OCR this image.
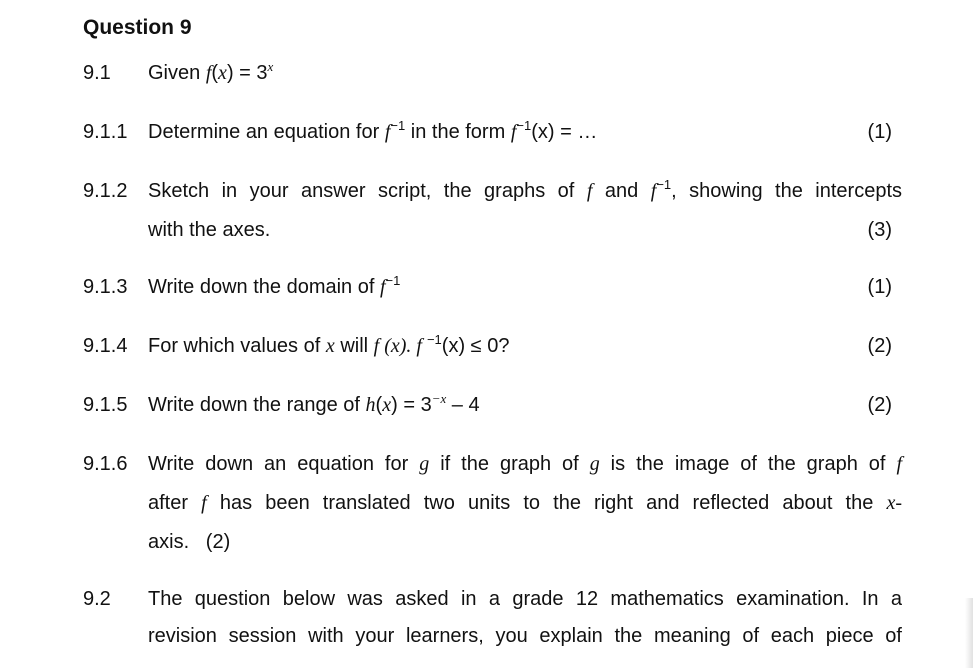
Question 9
9.1 Given $f(x) = 3^x$
9.1.1 Determine an equation for $f^{-1}$ in the form $f^{-1}(x)$ = …	(1)
9.1.2 Sketch in your answer script, the graphs of f and $f^{-1}$, showing the intercepts
with the axes.	(3)
9.1.3 Write down the domain of $f^{-1}$	(1)
9.1.4 For which values of x will f (x). f $^{-1}$(x) ≤ 0?	(2)
9.1.5 Write down the range of $h(x) = 3^{-x} - 4$	(2)
9.1.6 Write down an equation for g if the graph of g is the image of the graph of f
after f has been translated two units to the right and reflected about the x-
axis. (2)
9.2 The question below was asked in a grade 12 mathematics examination. In a
revision session with your learners, you explain the meaning of each piece of
